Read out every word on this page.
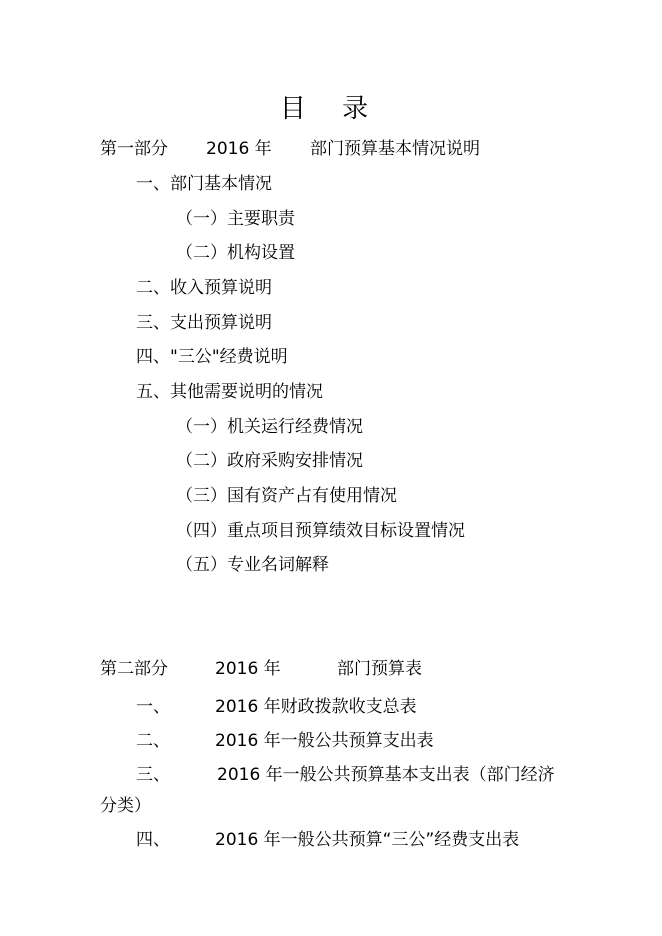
目 录
第一部分 2016 年 部门预算基本情况说明
一、部门基本情况
（一）主要职责
（二）机构设置
二、收入预算说明
三、支出预算说明
四、"三公"经费说明
五、其他需要说明的情况
（一）机关运行经费情况
（二）政府采购安排情况
（三）国有资产占有使用情况
（四）重点项目预算绩效目标设置情况
（五）专业名词解释
第二部分	2016 年	部门预算表
一、	2016 年财政拨款收支总表
二、	2016 年一般公共预算支出表
三、	2016 年一般公共预算基本支出表（部门经济
分类）
四、	2016 年一般公共预算“三公”经费支出表
